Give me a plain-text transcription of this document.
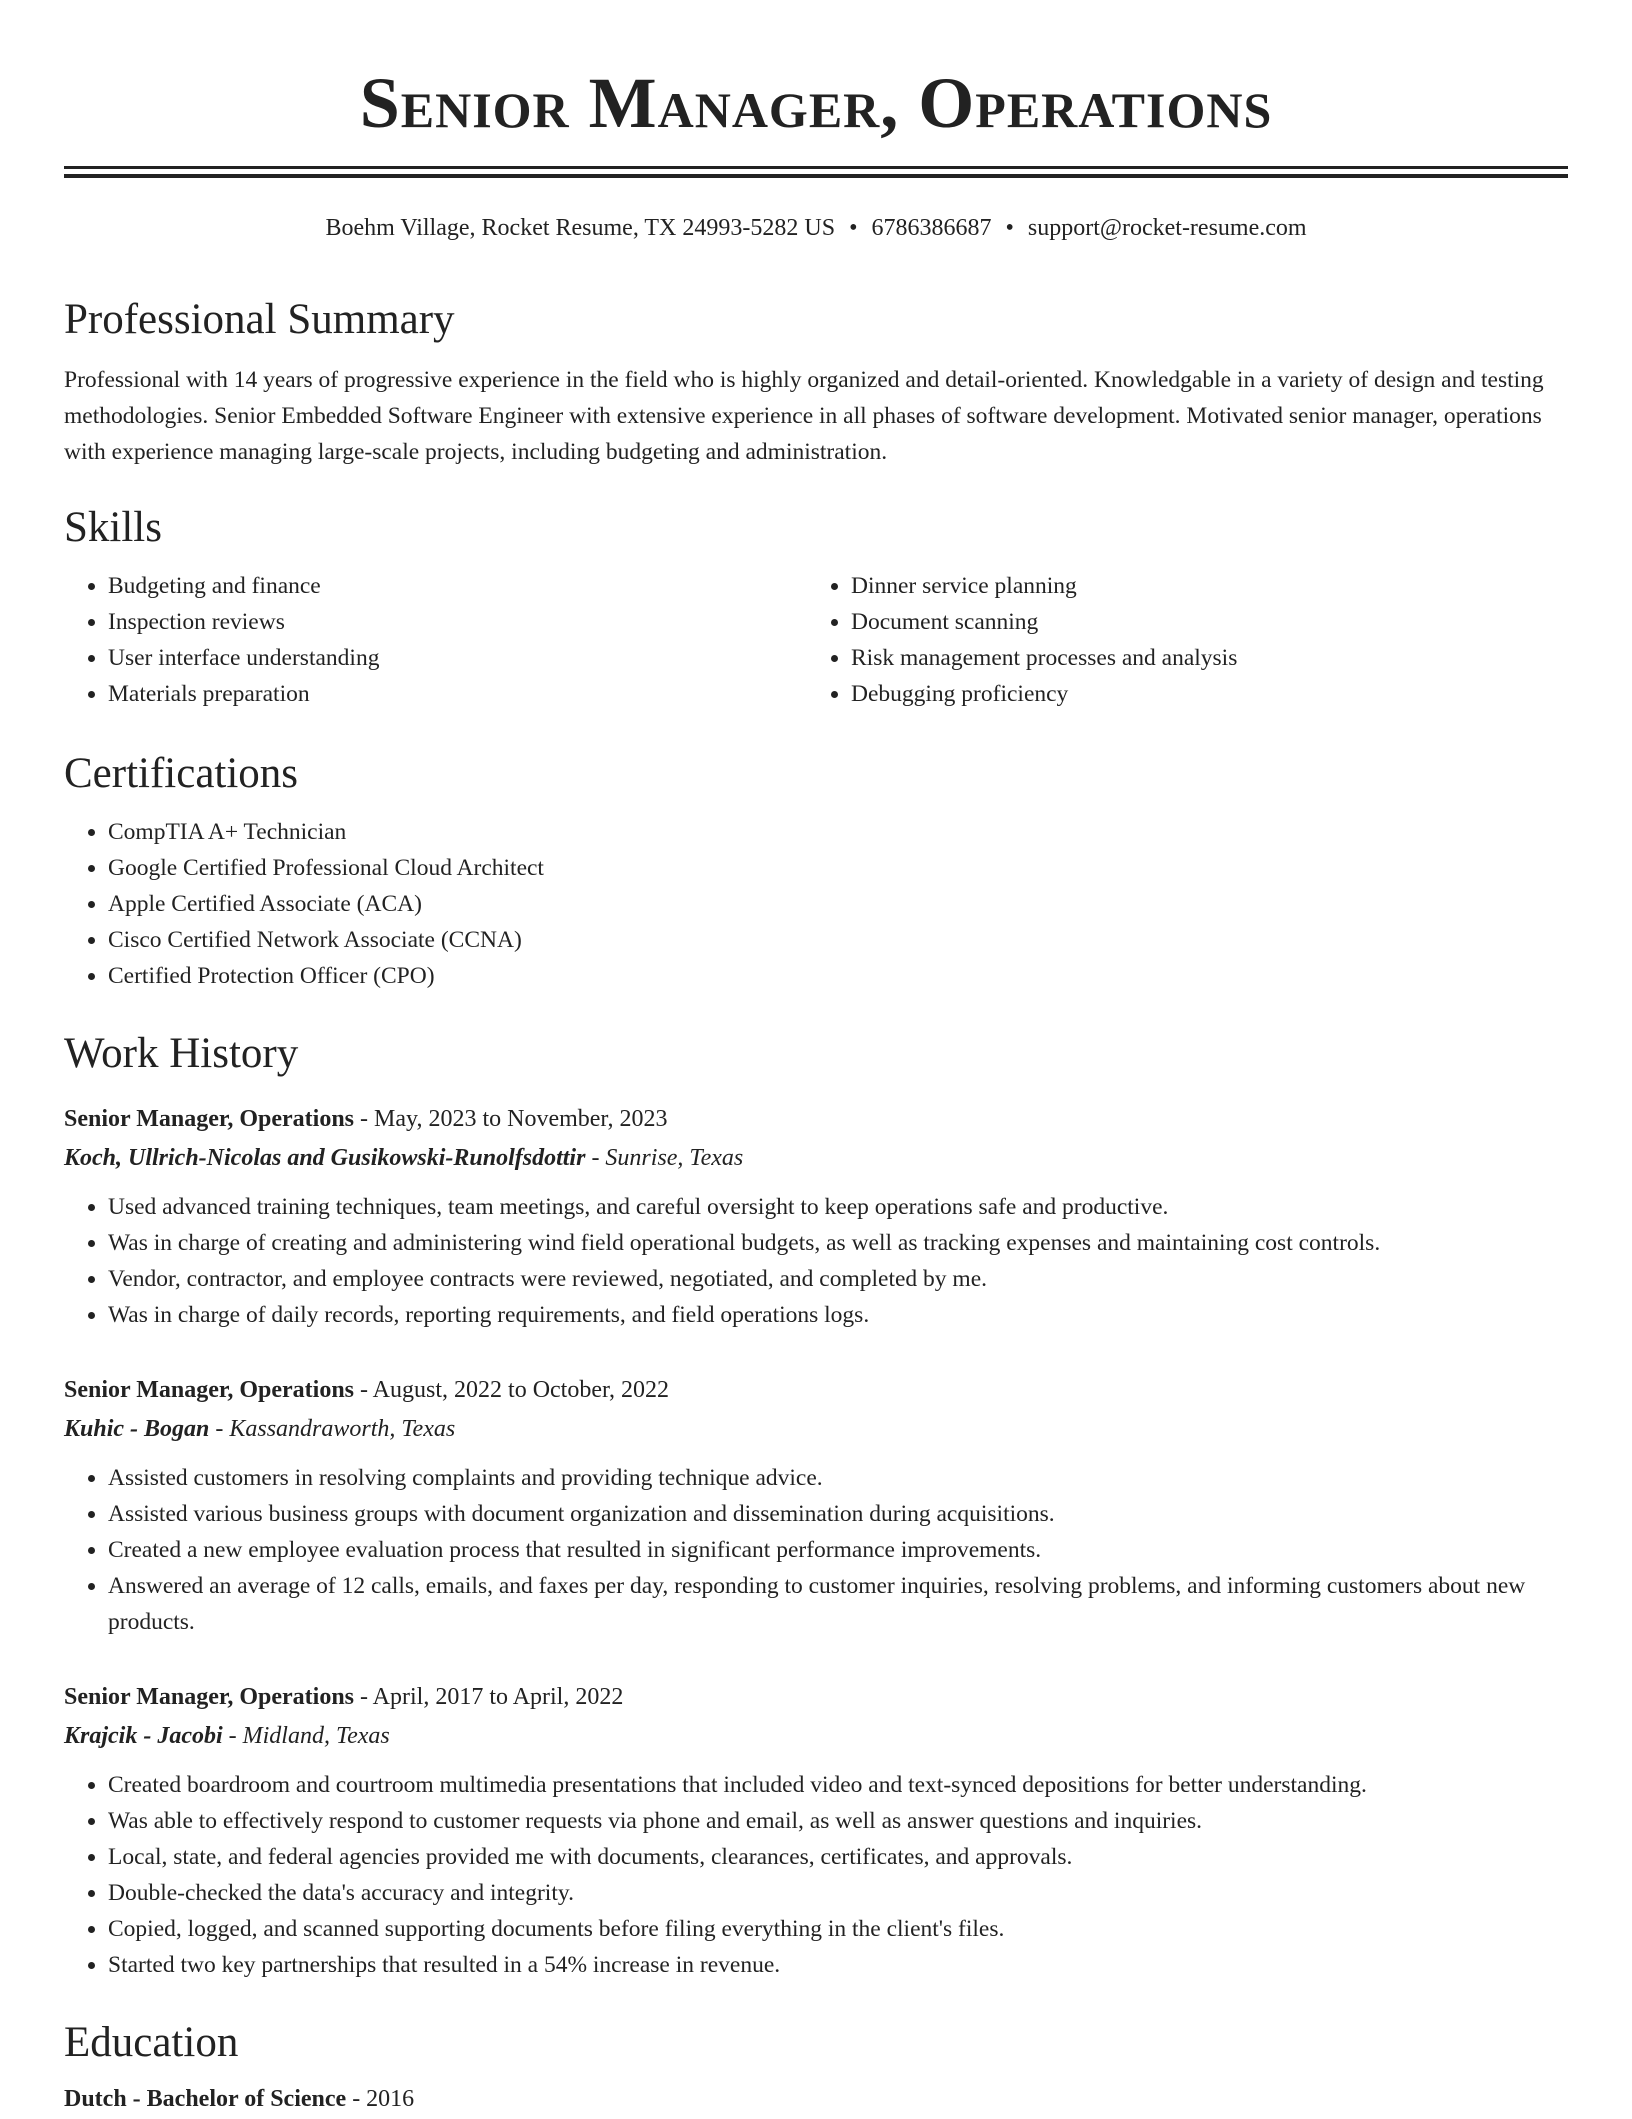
Senior Manager, Operations
Boehm Village, Rocket Resume, TX 24993-5282 US • 6786386687 • support@rocket-resume.com
Professional Summary

Professional with 14 years of progressive experience in the field who is highly organized and detail-oriented. Knowledgable in a variety of design and testing methodologies. Senior Embedded Software Engineer with extensive experience in all phases of software development. Motivated senior manager, operations with experience managing large-scale projects, including budgeting and administration.

Skills
• Budgeting and finance
• Inspection reviews
• User interface understanding
• Materials preparation
• Dinner service planning
• Document scanning
• Risk management processes and analysis
• Debugging proficiency
Certifications
• CompTIA A+ Technician
• Google Certified Professional Cloud Architect
• Apple Certified Associate (ACA)
• Cisco Certified Network Associate (CCNA)
• Certified Protection Officer (CPO)
Work History
Senior Manager, Operations - May, 2023 to November, 2023
Koch, Ullrich-Nicolas and Gusikowski-Runolfsdottir - Sunrise, Texas
• Used advanced training techniques, team meetings, and careful oversight to keep operations safe and productive.
• Was in charge of creating and administering wind field operational budgets, as well as tracking expenses and maintaining cost controls.
• Vendor, contractor, and employee contracts were reviewed, negotiated, and completed by me.
• Was in charge of daily records, reporting requirements, and field operations logs.
Senior Manager, Operations - August, 2022 to October, 2022
Kuhic - Bogan - Kassandraworth, Texas
• Assisted customers in resolving complaints and providing technique advice.
• Assisted various business groups with document organization and dissemination during acquisitions.
• Created a new employee evaluation process that resulted in significant performance improvements.
• Answered an average of 12 calls, emails, and faxes per day, responding to customer inquiries, resolving problems, and informing customers about new products.
Senior Manager, Operations - April, 2017 to April, 2022
Krajcik - Jacobi - Midland, Texas
• Created boardroom and courtroom multimedia presentations that included video and text-synced depositions for better understanding.
• Was able to effectively respond to customer requests via phone and email, as well as answer questions and inquiries.
• Local, state, and federal agencies provided me with documents, clearances, certificates, and approvals.
• Double-checked the data's accuracy and integrity.
• Copied, logged, and scanned supporting documents before filing everything in the client's files.
• Started two key partnerships that resulted in a 54% increase in revenue.
Education
Dutch - Bachelor of Science - 2016
